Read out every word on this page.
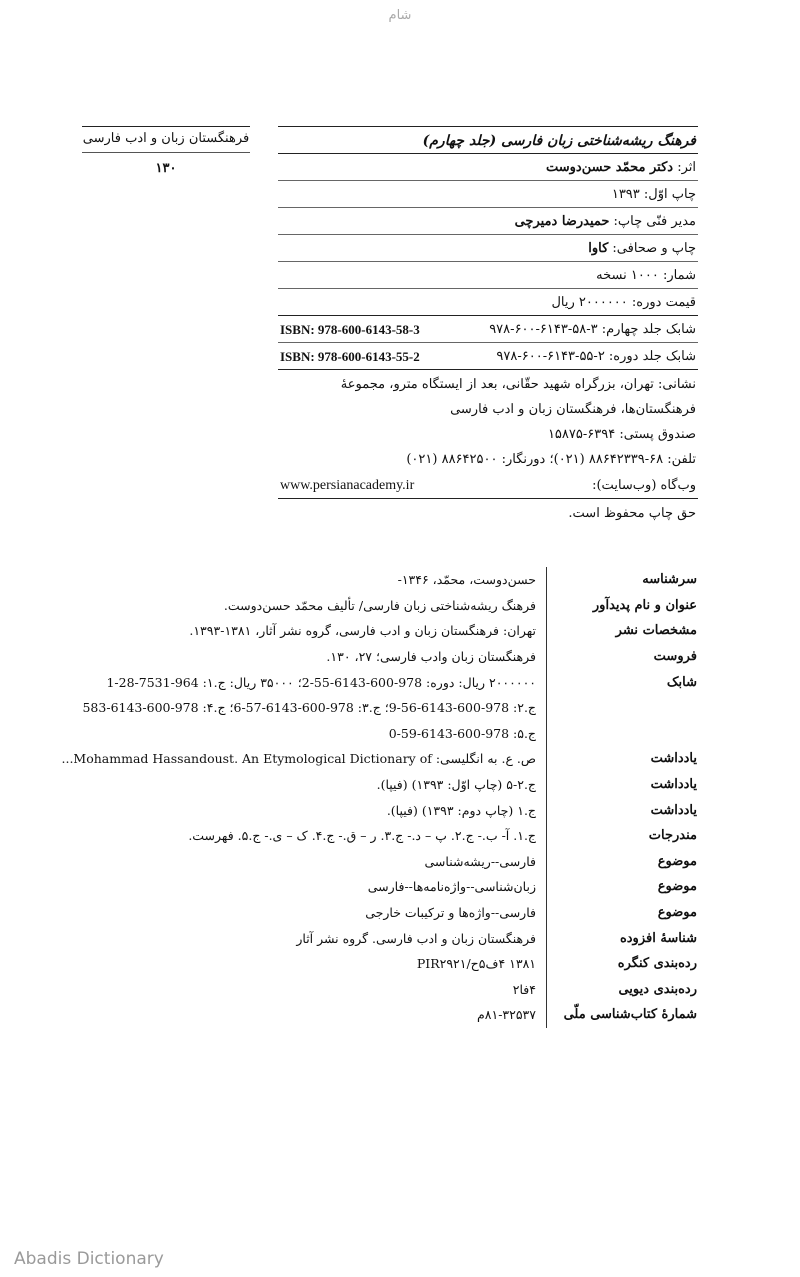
شام
فرهنگستان زبان و ادب فارسی
۱۳۰
فرهنگ ریشه‌شناختی زبان فارسی (جلد چهارم)
اثر: دکتر محمّد حسن‌دوست
چاپ اوّل: ۱۳۹۳
مدیر فنّی چاپ: حمیدرضا دمیرچی
چاپ و صحافی: کاوا
شمار: ۱۰۰۰ نسخه
قیمت دوره: ۲۰۰۰۰۰۰ ریال
شابک جلد چهارم: ۳-۵۸-۶۱۴۳-۶۰۰-۹۷۸
ISBN: 978-600-6143-58-3
شابک جلد دوره: ۲-۵۵-۶۱۴۳-۶۰۰-۹۷۸
ISBN: 978-600-6143-55-2
نشانی: تهران، بزرگراه شهید حقّانی، بعد از ایستگاه مترو، مجموعهٔ
فرهنگستان‌ها، فرهنگستان زبان و ادب فارسی
صندوق پستی: ۶۳۹۴-۱۵۸۷۵
تلفن: ۶۸-۸۸۶۴۲۳۳۹ (۰۲۱)؛ دورنگار: ۸۸۶۴۲۵۰۰ (۰۲۱)
وب‌گاه (وب‌سایت):
www.persianacademy.ir
حق چاپ محفوظ است.
سرشناسه
حسن‌دوست، محمّد، ۱۳۴۶-
عنوان و نام پدیدآور
فرهنگ ریشه‌شناختی زبان فارسی/ تألیف محمّد حسن‌دوست.
مشخصات نشر
تهران: فرهنگستان زبان و ادب فارسی، گروه نشر آثار، ۱۳۸۱-۱۳۹۳.
فروست
فرهنگستان زبان وادب فارسی؛ ۲۷، ۱۳۰.
شابک
۲۰۰۰۰۰۰ ریال: دوره: 978-600-6143-55-2؛ ۳۵۰۰۰ ریال: ج.۱: 964-7531-28-1
ج.۲: 978-600-6143-56-9؛ ج.۳: 978-600-6143-57-6؛ ج.۴: 978-600-6143-583
ج.۵: 978-600-6143-59-0
یادداشت
ص. ع. به انگلیسی: Mohammad Hassandoust. An Etymological Dictionary of...
یادداشت
ج.۲-۵ (چاپ اوّل: ۱۳۹۳) (فیپا).
یادداشت
ج.۱ (چاپ دوم: ۱۳۹۳) (فیپا).
مندرجات
ج.۱. آ- ب.- ج.۲. پ – د.- ج.۳. ر – ق.- ج.۴. ک – ی.- ج.۵. فهرست.
موضوع
فارسی--ریشه‌شناسی
موضوع
زبان‌شناسی--واژه‌نامه‌ها--فارسی
موضوع
فارسی--واژه‌ها و ترکیبات خارجی
شناسهٔ افزوده
فرهنگستان زبان و ادب فارسی. گروه نشر آثار
رده‌بندی کنگره
۱۳۸۱ ۴ف۵ح/PIR۲۹۲۱
رده‌بندی دیویی
۴فا۲
شمارهٔ کتاب‌شناسی ملّی
۸۱-۳۲۵۳۷م
Abadis Dictionary
